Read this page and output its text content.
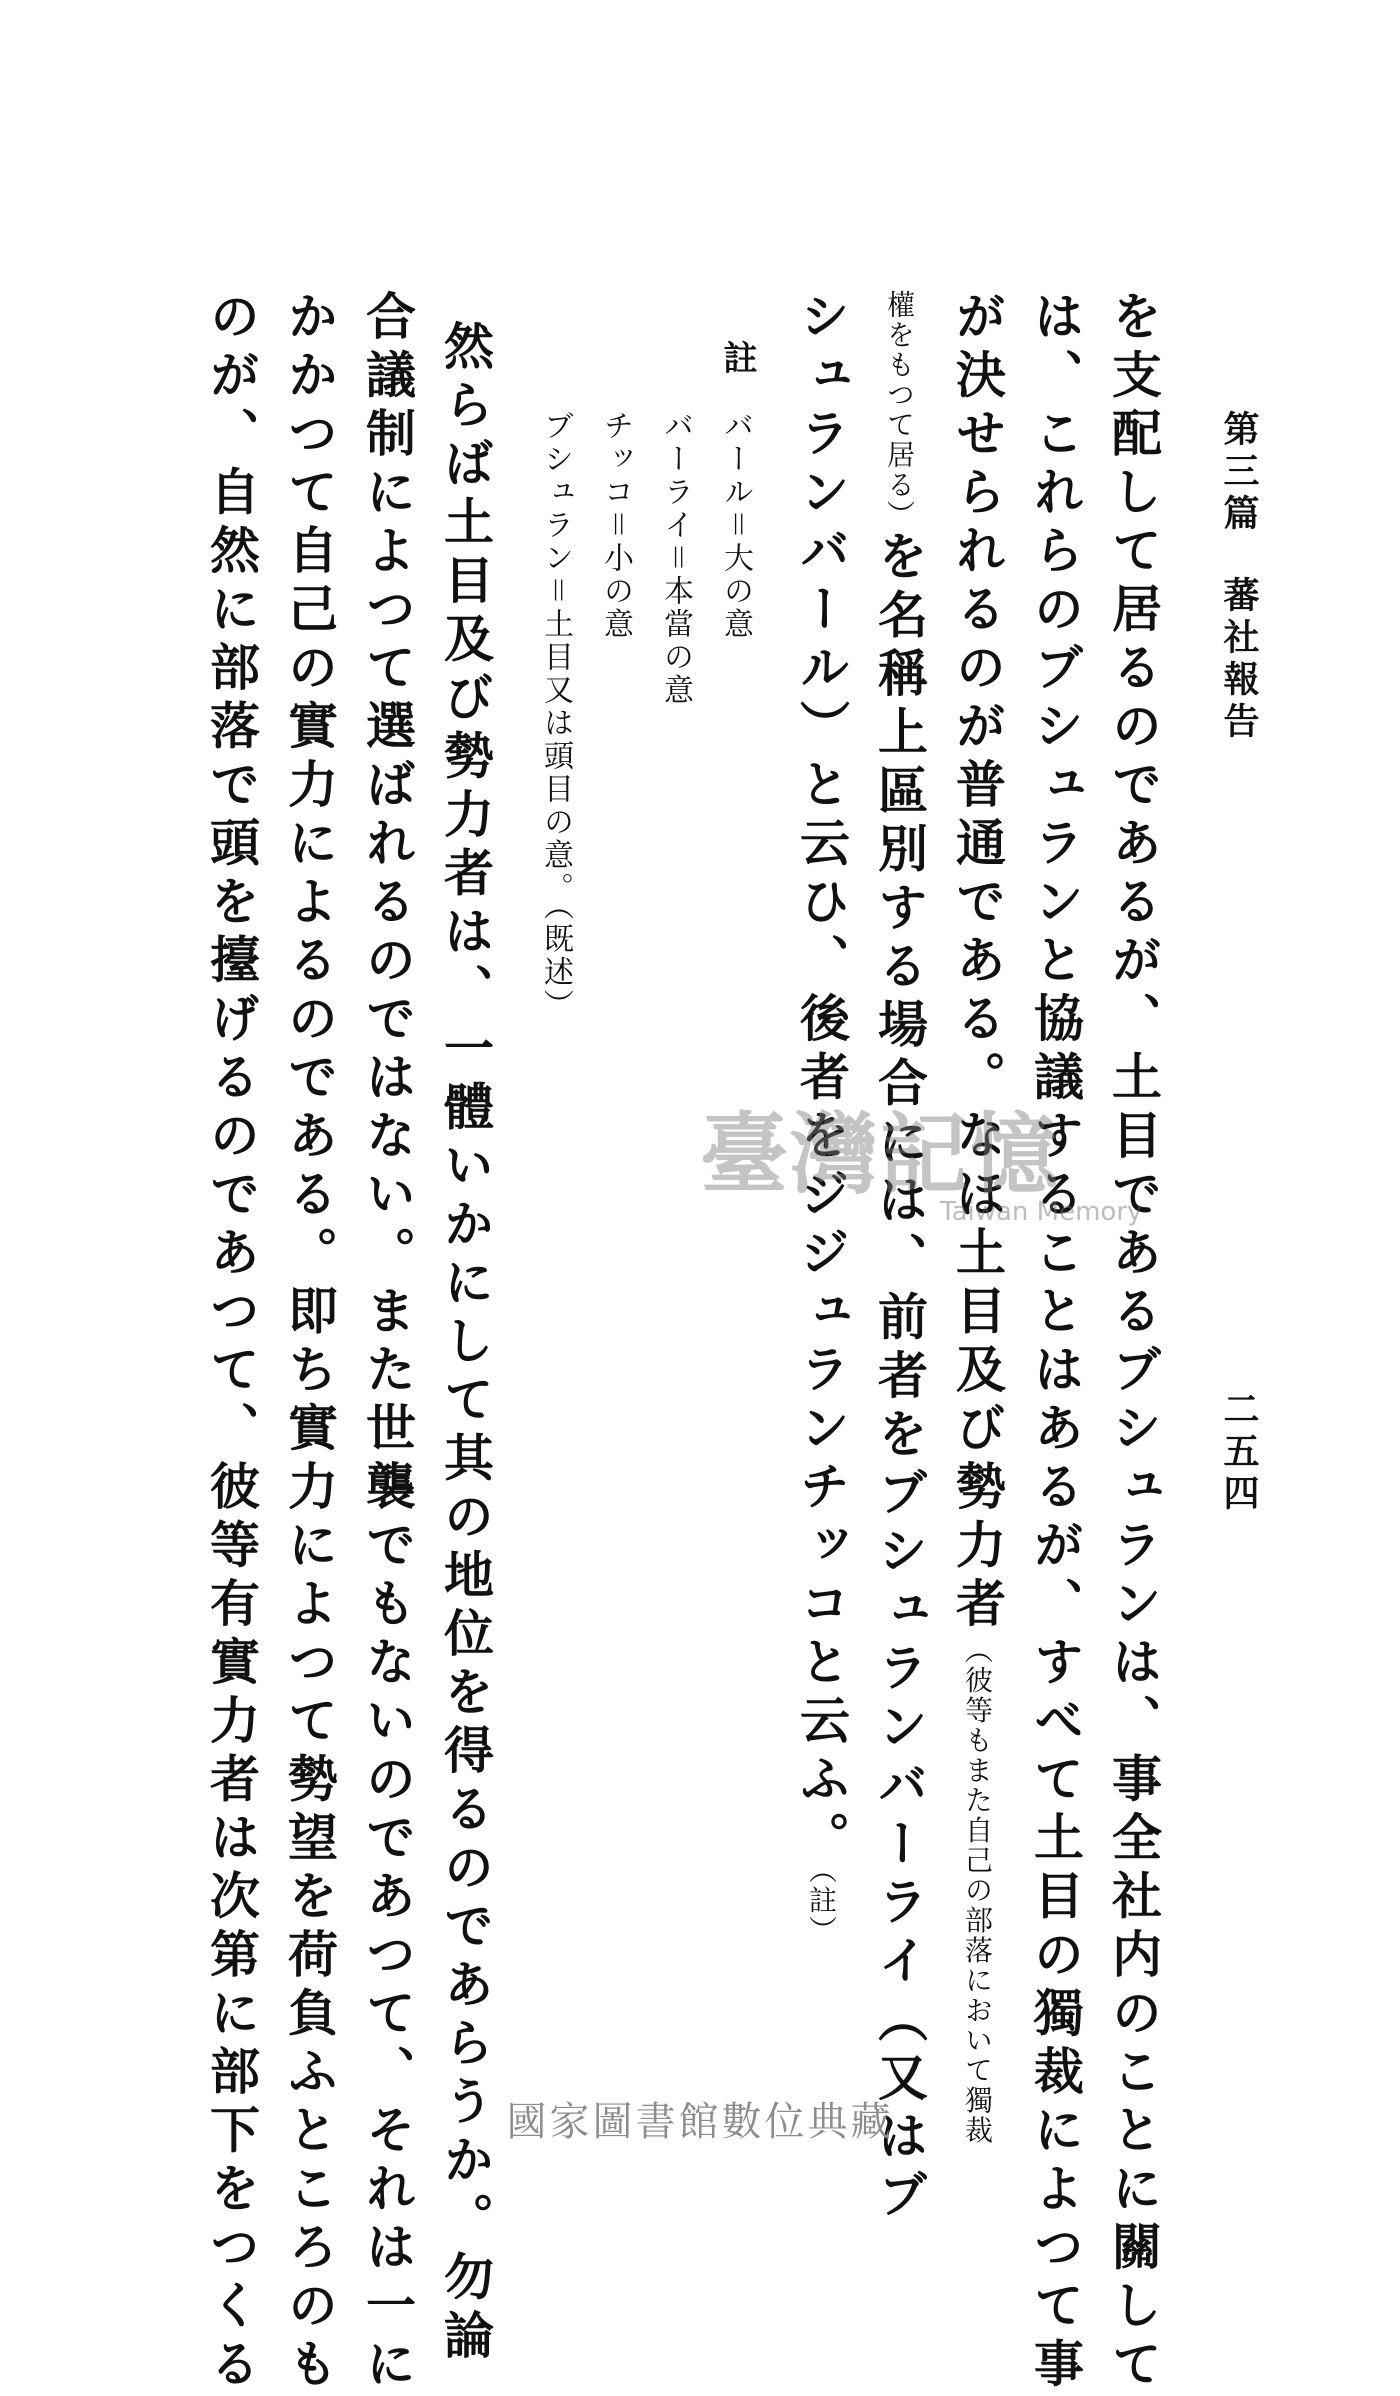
第三篇蕃社報告
二五四
を支配して居るのであるが、土目であるブシュランは、事全社内のことに關して
は、これらのブシュランと協議することはあるが、すべて土目の獨裁によつて事
が決せられるのが普通である。なほ土目及び勢力者（彼等もまた自己の部落において獨裁
權をもつて居る）を名稱上區別する場合には、前者をブシュランバーライ（又はブ
シュランバール）と云ひ、後者をジジュランチッコと云ふ。（註）
註
バール＝大の意
バーライ＝本當の意
チッコ＝小の意
ブシュラン＝土目又は頭目の意。（既述）
然らば土目及び勢力者は、一體いかにして其の地位を得るのであらうか。勿論
合議制によつて選ばれるのではない。また世襲でもないのであつて、それは一に
かかつて自己の實力によるのである。即ち實力によつて勢望を荷負ふところのも
のが、自然に部落で頭を擡げるのであつて、彼等有實力者は次第に部下をつくる	臺灣記憶
Taiwan Memory
國家圖書館數位典藏
